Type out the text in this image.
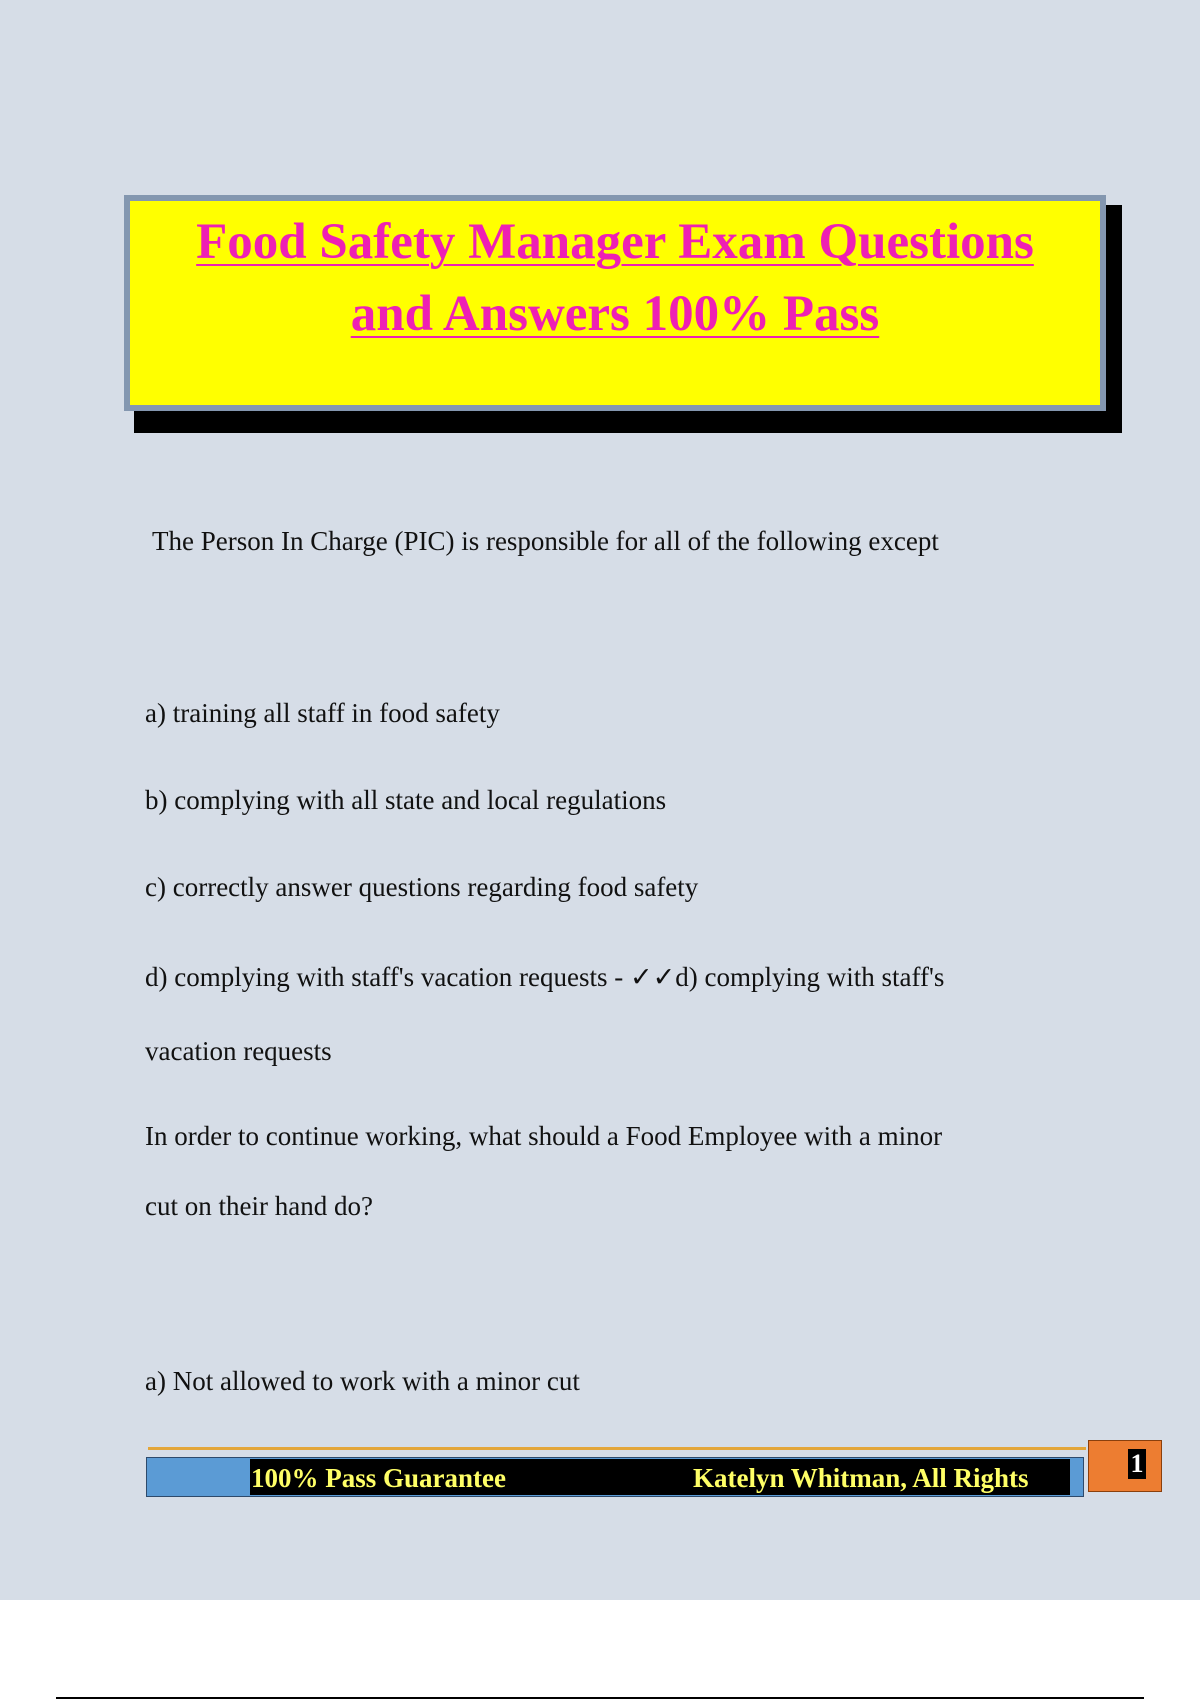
Food Safety Manager Exam Questions
and Answers 100% Pass
The Person In Charge (PIC) is responsible for all of the following except
a) training all staff in food safety
b) complying with all state and local regulations
c) correctly answer questions regarding food safety
d) complying with staff's vacation requests - ✓✓d) complying with staff's
vacation requests
In order to continue working, what should a Food Employee with a minor
cut on their hand do?
a) Not allowed to work with a minor cut
100% Pass Guarantee	Katelyn Whitman, All Rights	1
